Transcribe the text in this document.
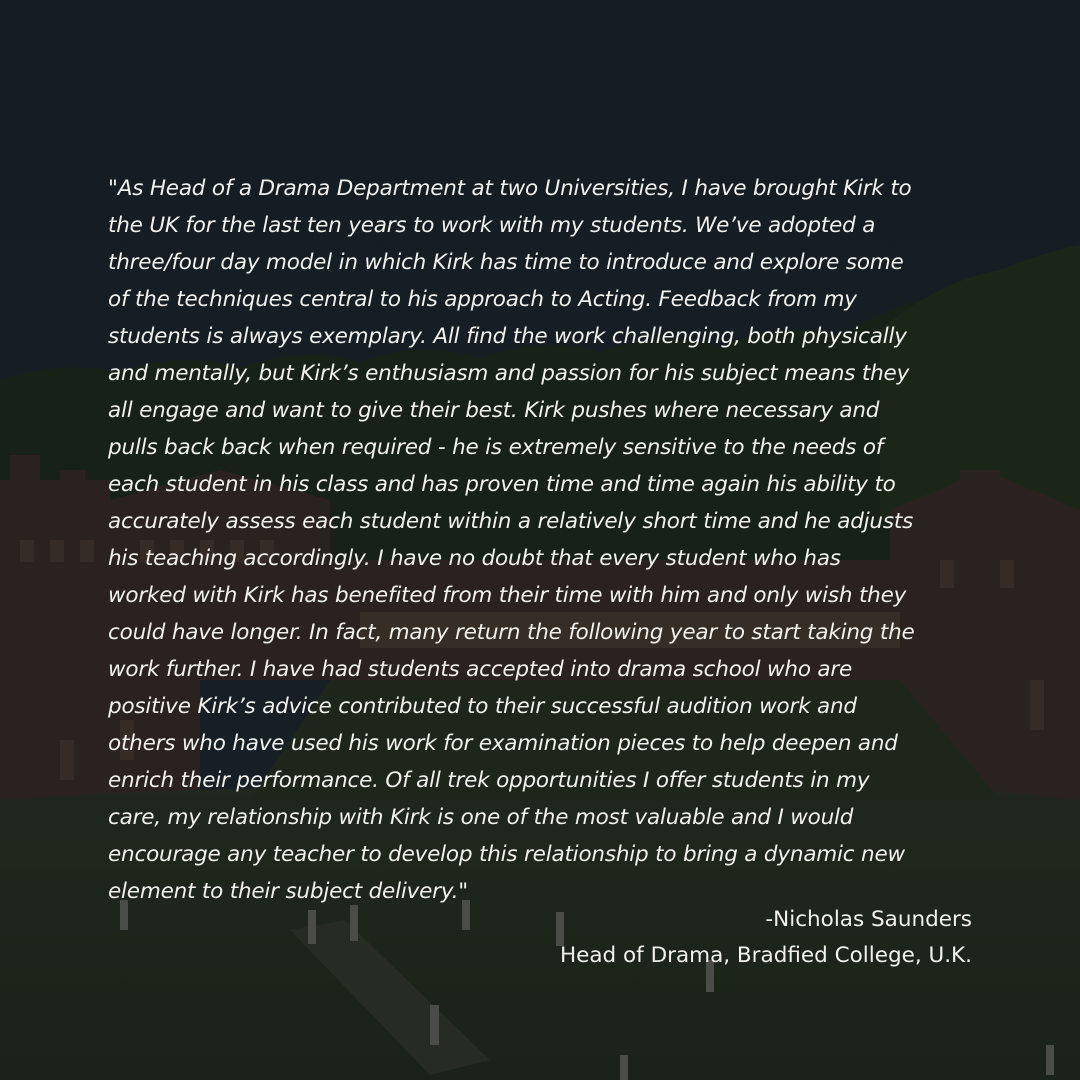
"As Head of a Drama Department at two Universities, I have brought Kirk to
the UK for the last ten years to work with my students. We’ve adopted a
three/four day model in which Kirk has time to introduce and explore some
of the techniques central to his approach to Acting. Feedback from my
students is always exemplary. All find the work challenging, both physically
and mentally, but Kirk’s enthusiasm and passion for his subject means they
all engage and want to give their best. Kirk pushes where necessary and
pulls back back when required - he is extremely sensitive to the needs of
each student in his class and has proven time and time again his ability to
accurately assess each student within a relatively short time and he adjusts
his teaching accordingly. I have no doubt that every student who has
worked with Kirk has benefited from their time with him and only wish they
could have longer. In fact, many return the following year to start taking the
work further. I have had students accepted into drama school who are
positive Kirk’s advice contributed to their successful audition work and
others who have used his work for examination pieces to help deepen and
enrich their performance. Of all trek opportunities I offer students in my
care, my relationship with Kirk is one of the most valuable and I would
encourage any teacher to develop this relationship to bring a dynamic new
element to their subject delivery."

-Nicholas Saunders
Head of Drama, Bradfied College, U.K.
